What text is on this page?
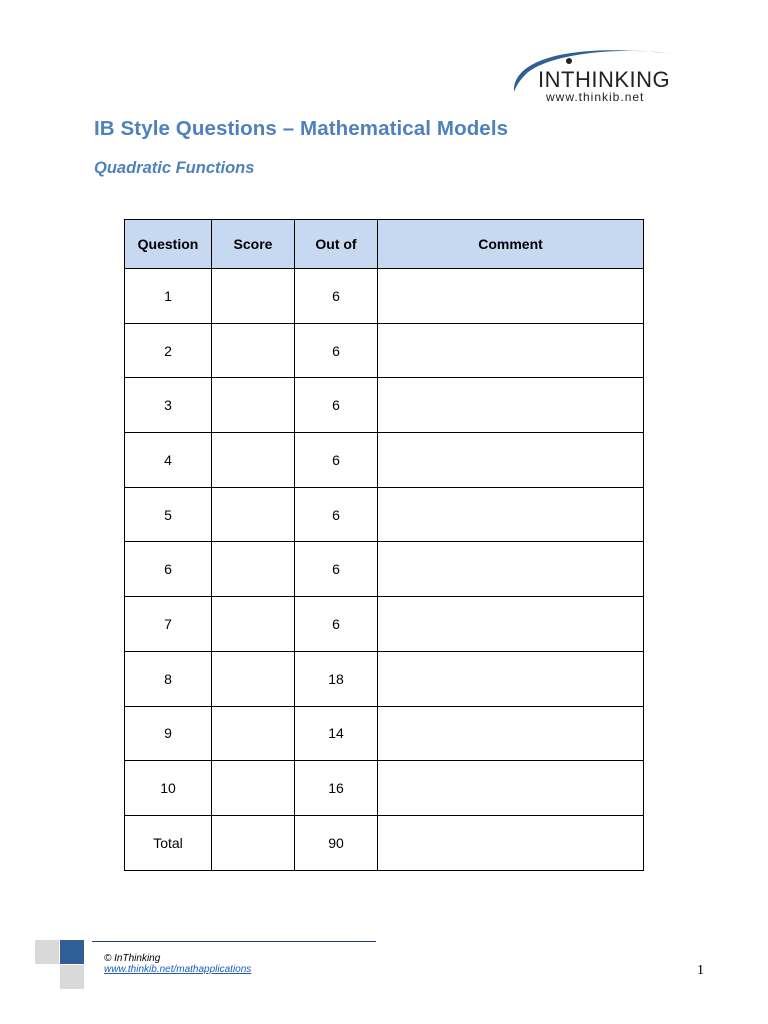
INTHINKING
www.thinkib.net
IB Style Questions – Mathematical Models
Quadratic Functions
Question	Score	Out of	Comment
1		6	
2		6	
3		6	
4		6	
5		6	
6		6	
7		6	
8		18	
9		14	
10		16	
Total		90	
© InThinking
www.thinkib.net/mathapplications	1
